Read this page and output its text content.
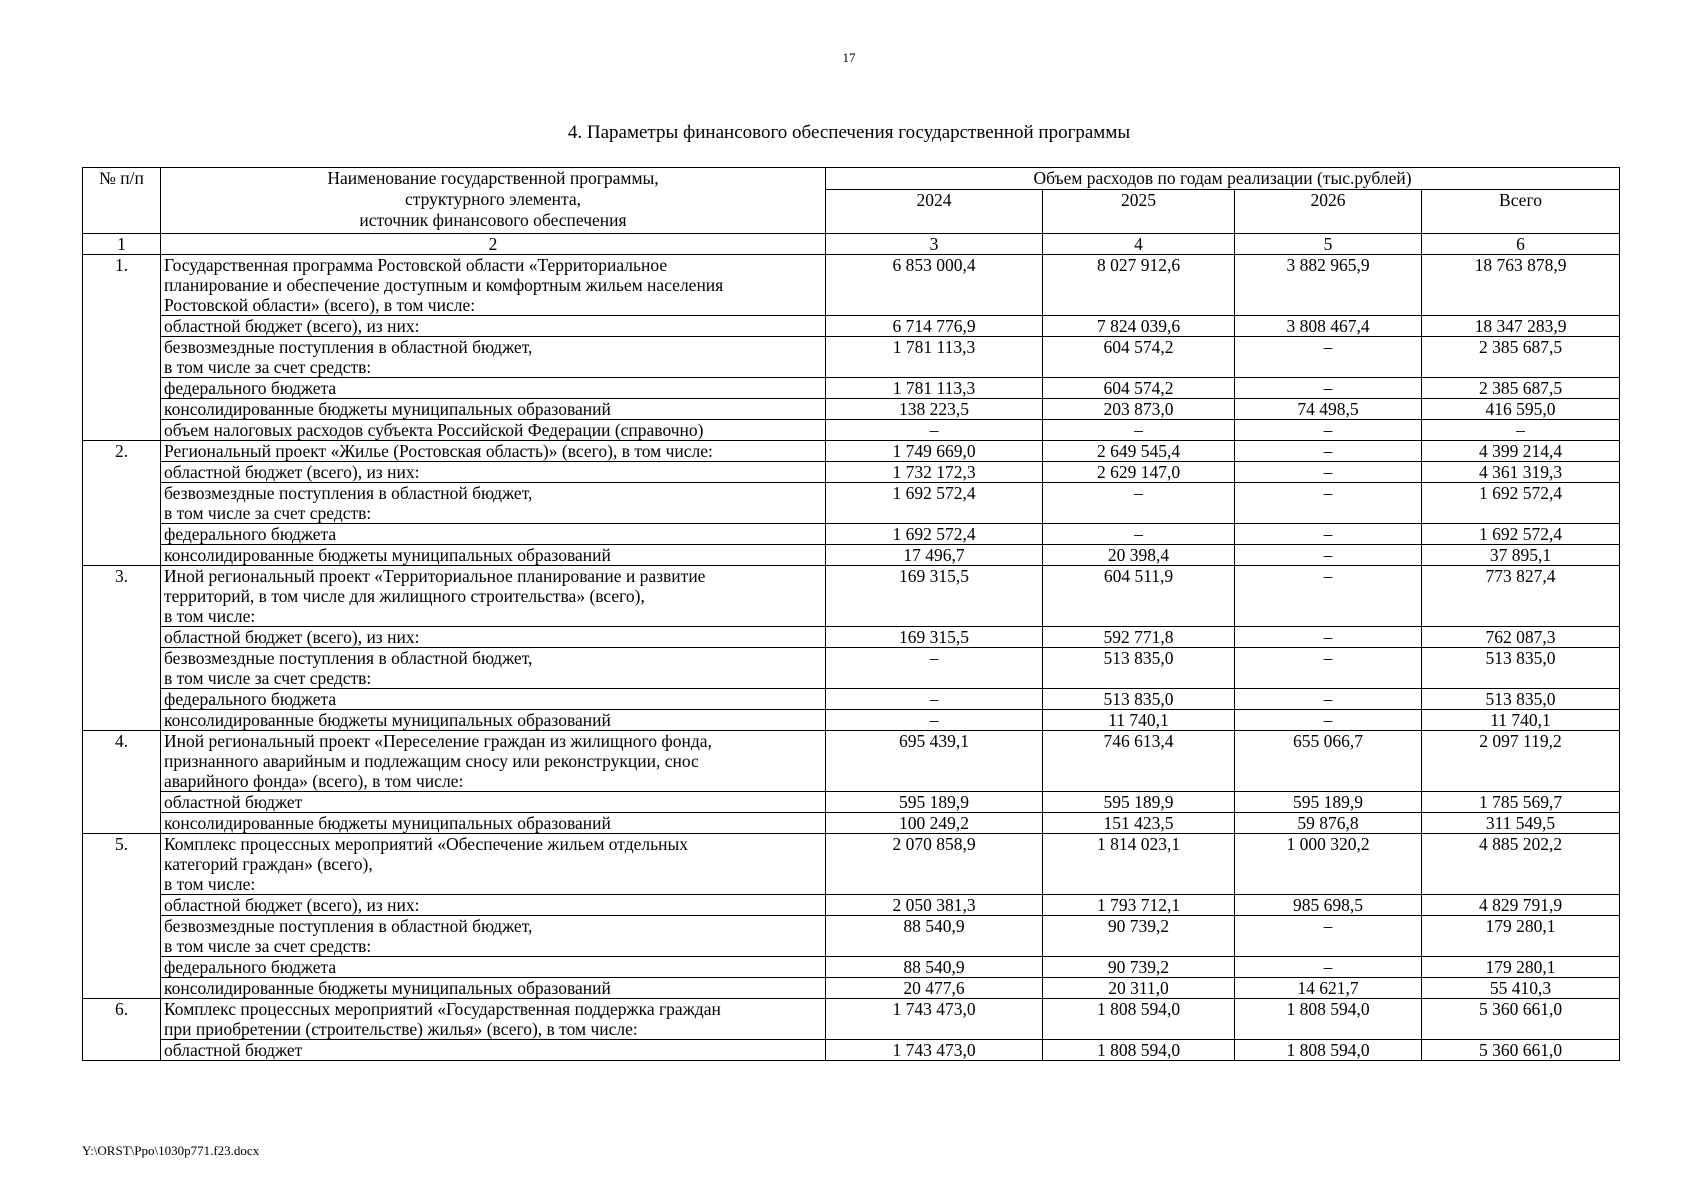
17
4. Параметры финансового обеспечения государственной программы
№ п/п	Наименование государственной программы,
структурного элемента,
источник финансового обеспечения	Объем расходов по годам реализации (тыс.рублей)			
		2024	2025	2026	Всего
1	2	3	4	5	6
1.	Государственная программа Ростовской области «Территориальное
планирование и обеспечение доступным и комфортным жильем населения
Ростовской области» (всего), в том числе:	6 853 000,4	8 027 912,6	3 882 965,9	18 763 878,9
	областной бюджет (всего), из них:	6 714 776,9	7 824 039,6	3 808 467,4	18 347 283,9
	безвозмездные поступления в областной бюджет,
в том числе за счет средств:	1 781 113,3	604 574,2	–	2 385 687,5
	федерального бюджета	1 781 113,3	604 574,2	–	2 385 687,5
	консолидированные бюджеты муниципальных образований	138 223,5	203 873,0	74 498,5	416 595,0
	объем налоговых расходов субъекта Российской Федерации (справочно)	–	–	–	–
2.	Региональный проект «Жилье (Ростовская область)» (всего), в том числе:	1 749 669,0	2 649 545,4	–	4 399 214,4
	областной бюджет (всего), из них:	1 732 172,3	2 629 147,0	–	4 361 319,3
	безвозмездные поступления в областной бюджет,
в том числе за счет средств:	1 692 572,4	–	–	1 692 572,4
	федерального бюджета	1 692 572,4	–	–	1 692 572,4
	консолидированные бюджеты муниципальных образований	17 496,7	20 398,4	–	37 895,1
3.	Иной региональный проект «Территориальное планирование и развитие
территорий, в том числе для жилищного строительства» (всего),
в том числе:	169 315,5	604 511,9	–	773 827,4
	областной бюджет (всего), из них:	169 315,5	592 771,8	–	762 087,3
	безвозмездные поступления в областной бюджет,
в том числе за счет средств:	–	513 835,0	–	513 835,0
	федерального бюджета	–	513 835,0	–	513 835,0
	консолидированные бюджеты муниципальных образований	–	11 740,1	–	11 740,1
4.	Иной региональный проект «Переселение граждан из жилищного фонда,
признанного аварийным и подлежащим сносу или реконструкции, снос
аварийного фонда» (всего), в том числе:	695 439,1	746 613,4	655 066,7	2 097 119,2
	областной бюджет	595 189,9	595 189,9	595 189,9	1 785 569,7
	консолидированные бюджеты муниципальных образований	100 249,2	151 423,5	59 876,8	311 549,5
5.	Комплекс процессных мероприятий «Обеспечение жильем отдельных
категорий граждан» (всего),
в том числе:	2 070 858,9	1 814 023,1	1 000 320,2	4 885 202,2
	областной бюджет (всего), из них:	2 050 381,3	1 793 712,1	985 698,5	4 829 791,9
	безвозмездные поступления в областной бюджет,
в том числе за счет средств:	88 540,9	90 739,2	–	179 280,1
	федерального бюджета	88 540,9	90 739,2	–	179 280,1
	консолидированные бюджеты муниципальных образований	20 477,6	20 311,0	14 621,7	55 410,3
6.	Комплекс процессных мероприятий «Государственная поддержка граждан
при приобретении (строительстве) жилья» (всего), в том числе:	1 743 473,0	1 808 594,0	1 808 594,0	5 360 661,0
	областной бюджет	1 743 473,0	1 808 594,0	1 808 594,0	5 360 661,0
Y:\ORST\Ppo\1030p771.f23.docx
